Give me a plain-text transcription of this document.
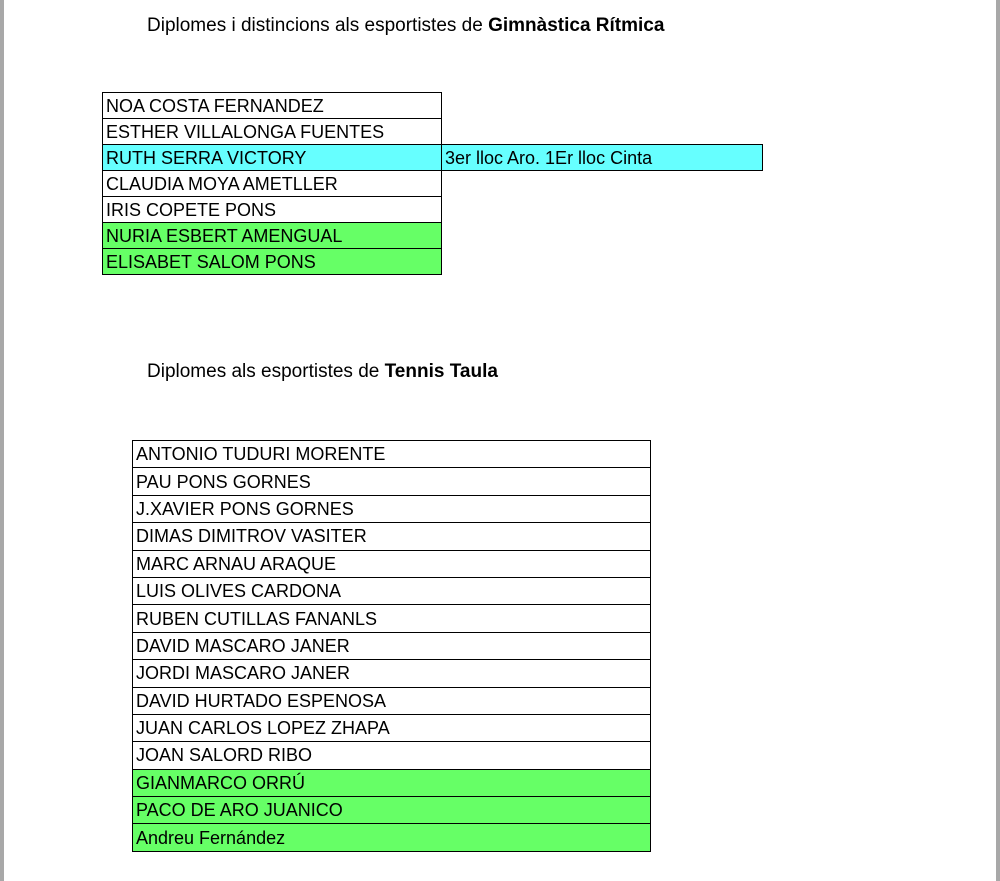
Diplomes i distincions als esportistes de Gimnàstica Rítmica
NOA COSTA FERNANDEZ	
ESTHER VILLALONGA FUENTES	
RUTH SERRA VICTORY	3er lloc Aro. 1Er lloc Cinta
CLAUDIA MOYA AMETLLER	
IRIS COPETE PONS	
NURIA ESBERT AMENGUAL	
ELISABET SALOM PONS	
Diplomes als esportistes de Tennis Taula
ANTONIO TUDURI MORENTE
PAU PONS GORNES
J.XAVIER PONS GORNES
DIMAS DIMITROV VASITER
MARC ARNAU ARAQUE
LUIS OLIVES CARDONA
RUBEN CUTILLAS FANANLS
DAVID MASCARO JANER
JORDI MASCARO JANER
DAVID HURTADO ESPENOSA
JUAN CARLOS LOPEZ ZHAPA
JOAN SALORD RIBO
GIANMARCO ORRÚ
PACO DE ARO JUANICO
Andreu Fernández
